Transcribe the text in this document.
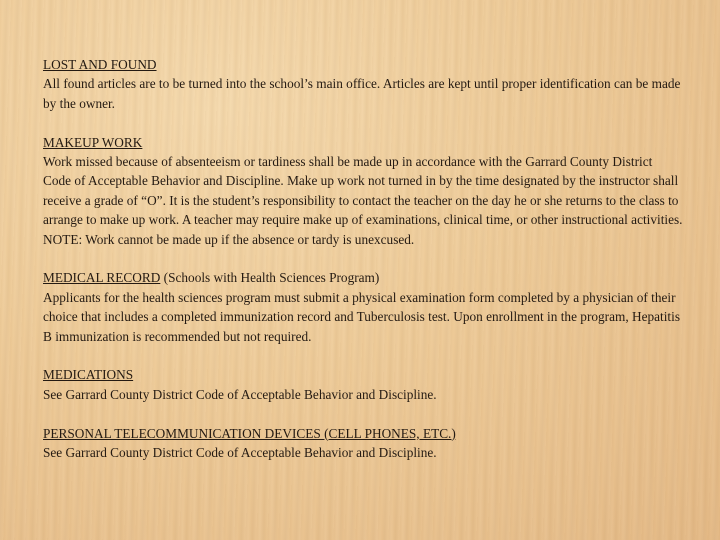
LOST AND FOUND

All found articles are to be turned into the school’s main office. Articles are kept until proper identification can be made by the owner.

MAKEUP WORK

Work missed because of absenteeism or tardiness shall be made up in accordance with the Garrard County District Code of Acceptable Behavior and Discipline. Make up work not turned in by the time designated by the instructor shall receive a grade of “O”. It is the student’s responsibility to contact the teacher on the day he or she returns to the class to arrange to make up work. A teacher may require make up of examinations, clinical time, or other instructional activities. NOTE: Work cannot be made up if the absence or tardy is unexcused.

MEDICAL RECORD (Schools with Health Sciences Program)

Applicants for the health sciences program must submit a physical examination form completed by a physician of their choice that includes a completed immunization record and Tuberculosis test. Upon enrollment in the program, Hepatitis B immunization is recommended but not required.

MEDICATIONS

See Garrard County District Code of Acceptable Behavior and Discipline.

PERSONAL TELECOMMUNICATION DEVICES (CELL PHONES, ETC.)

See Garrard County District Code of Acceptable Behavior and Discipline.
